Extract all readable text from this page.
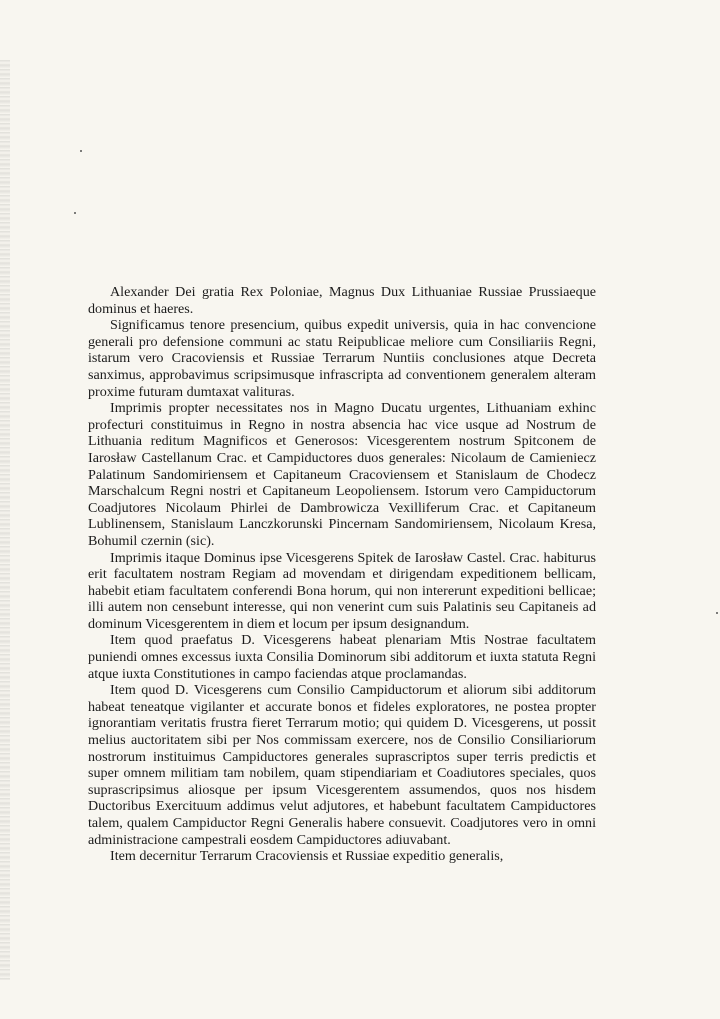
Alexander Dei gratia Rex Poloniae, Magnus Dux Lithuaniae Russiae Prussiaeque dominus et haeres.

Significamus tenore presencium, quibus expedit universis, quia in hac convencione generali pro defensione communi ac statu Reipublicae meliore cum Consiliariis Regni, istarum vero Cracoviensis et Russiae Terrarum Nuntiis conclusiones atque Decreta sanximus, approbavimus scripsimusque infrascripta ad conventionem generalem alteram proxime futuram dumtaxat valituras.

Imprimis propter necessitates nos in Magno Ducatu urgentes, Lithuaniam exhinc profecturi constituimus in Regno in nostra absencia hac vice usque ad Nostrum de Lithuania reditum Magnificos et Generosos: Vicesgerentem nostrum Spitconem de Iarosław Castellanum Crac. et Campiductores duos generales: Nicolaum de Camieniecz Palatinum Sandomiriensem et Capitaneum Cracoviensem et Stanislaum de Chodecz Marschalcum Regni nostri et Capitaneum Leopoliensem. Istorum vero Campiductorum Coadjutores Nicolaum Phirlei de Dambrowicza Vexilliferum Crac. et Capitaneum Lublinensem, Stanislaum Lanczkorunski Pincernam Sandomiriensem, Nicolaum Kresa, Bohumil czernin (sic).

Imprimis itaque Dominus ipse Vicesgerens Spitek de Iarosław Castel. Crac. habiturus erit facultatem nostram Regiam ad movendam et dirigendam expeditionem bellicam, habebit etiam facultatem conferendi Bona horum, qui non intererunt expeditioni bellicae; illi autem non censebunt interesse, qui non venerint cum suis Palatinis seu Capitaneis ad dominum Vicesgerentem in diem et locum per ipsum designandum.

Item quod praefatus D. Vicesgerens habeat plenariam Mtis Nostrae facultatem puniendi omnes excessus iuxta Consilia Dominorum sibi additorum et iuxta statuta Regni atque iuxta Constitutiones in campo faciendas atque proclamandas.

Item quod D. Vicesgerens cum Consilio Campiductorum et aliorum sibi additorum habeat teneatque vigilanter et accurate bonos et fideles exploratores, ne postea propter ignorantiam veritatis frustra fieret Terrarum motio; qui quidem D. Vicesgerens, ut possit melius auctoritatem sibi per Nos commissam exercere, nos de Consilio Consiliariorum nostrorum instituimus Campiductores generales suprascriptos super terris predictis et super omnem militiam tam nobilem, quam stipendiariam et Coadiutores speciales, quos suprascripsimus aliosque per ipsum Vicesgerentem assumendos, quos nos hisdem Ductoribus Exercituum addimus velut adjutores, et habebunt facultatem Campiductores talem, qualem Campiductor Regni Generalis habere consuevit. Coadjutores vero in omni administracione campestrali eosdem Campiductores adiuvabant.

Item decernitur Terrarum Cracoviensis et Russiae expeditio generalis,
